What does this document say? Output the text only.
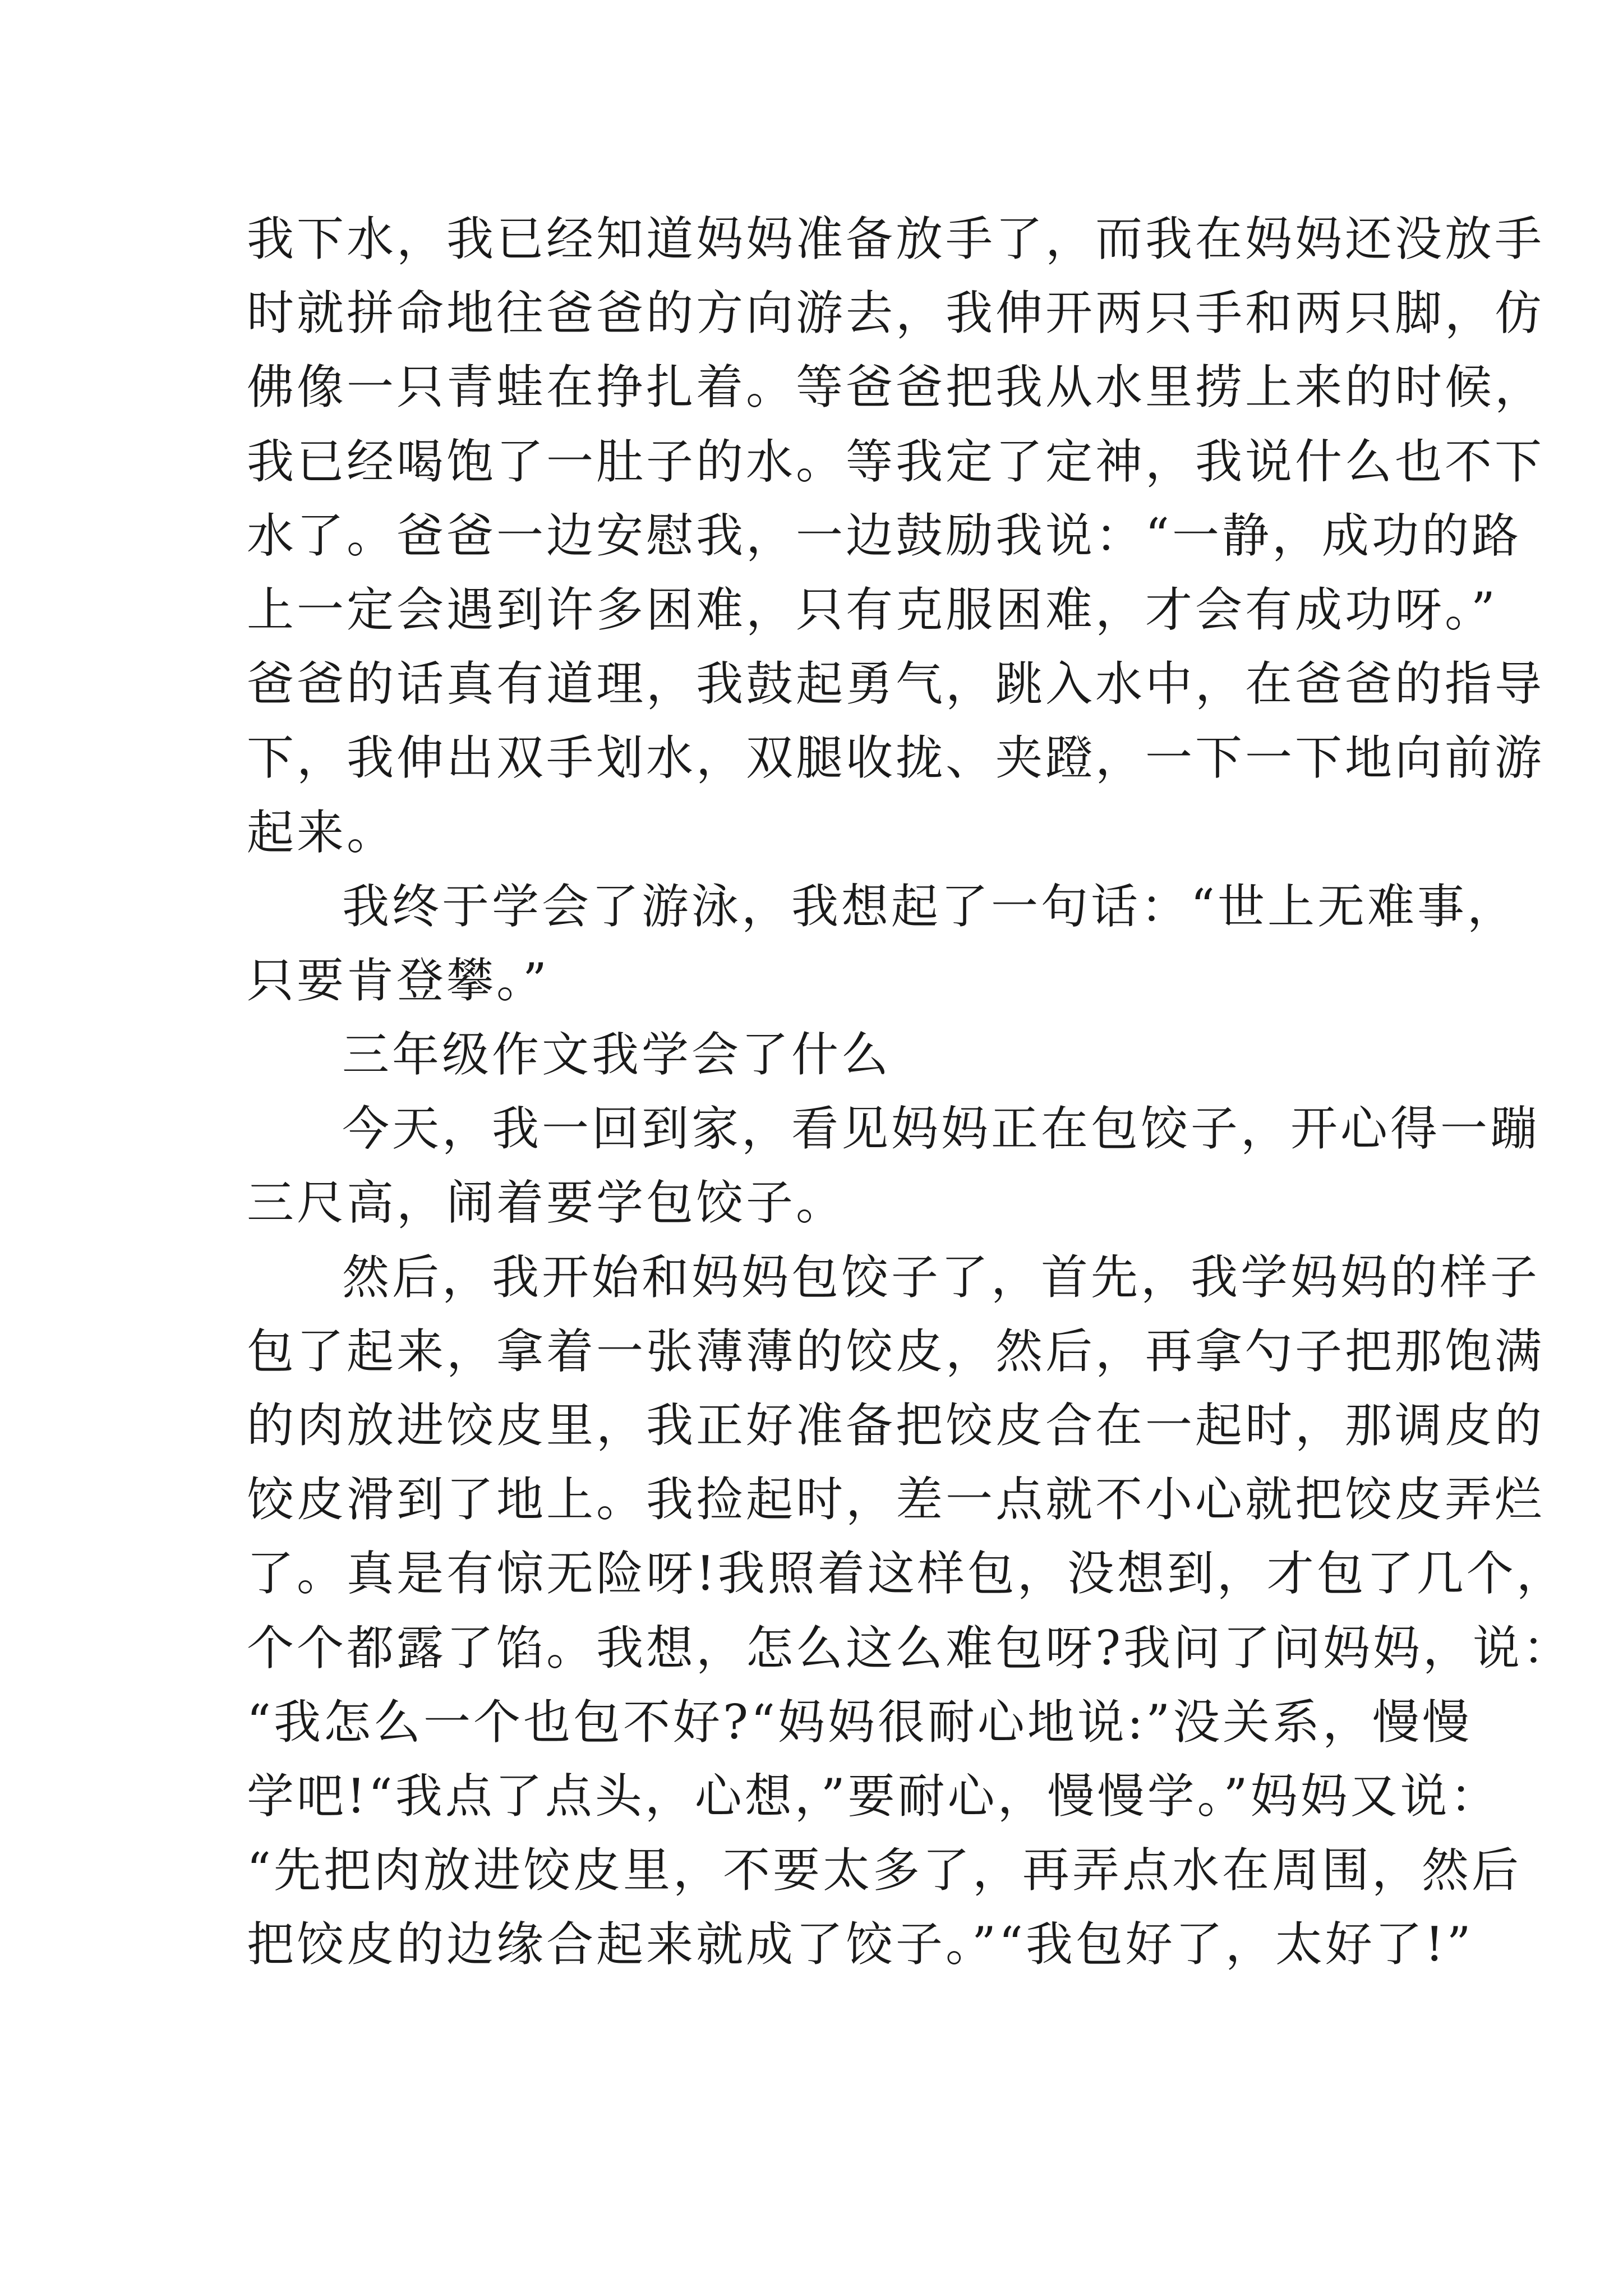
我下水，我已经知道妈妈准备放手了，而我在妈妈还没放手
时就拼命地往爸爸的方向游去，我伸开两只手和两只脚，仿
佛像一只青蛙在挣扎着。等爸爸把我从水里捞上来的时候，
我已经喝饱了一肚子的水。等我定了定神，我说什么也不下
水了。爸爸一边安慰我，一边鼓励我说：“一静，成功的路
上一定会遇到许多困难，只有克服困难，才会有成功呀。”
爸爸的话真有道理，我鼓起勇气，跳入水中，在爸爸的指导
下，我伸出双手划水，双腿收拢、夹蹬，一下一下地向前游
起来。
我终于学会了游泳，我想起了一句话：“世上无难事，
只要肯登攀。”
三年级作文我学会了什么
今天，我一回到家，看见妈妈正在包饺子，开心得一蹦
三尺高，闹着要学包饺子。
然后，我开始和妈妈包饺子了，首先，我学妈妈的样子
包了起来，拿着一张薄薄的饺皮，然后，再拿勺子把那饱满
的肉放进饺皮里，我正好准备把饺皮合在一起时，那调皮的
饺皮滑到了地上。我捡起时，差一点就不小心就把饺皮弄烂
了。真是有惊无险呀!我照着这样包，没想到，才包了几个，
个个都露了馅。我想，怎么这么难包呀?我问了问妈妈，说：
“我怎么一个也包不好?“妈妈很耐心地说:”没关系，慢慢
学吧!“我点了点头，心想，”要耐心，慢慢学。”妈妈又说：
“先把肉放进饺皮里，不要太多了，再弄点水在周围，然后
把饺皮的边缘合起来就成了饺子。”“我包好了，太好了!”
